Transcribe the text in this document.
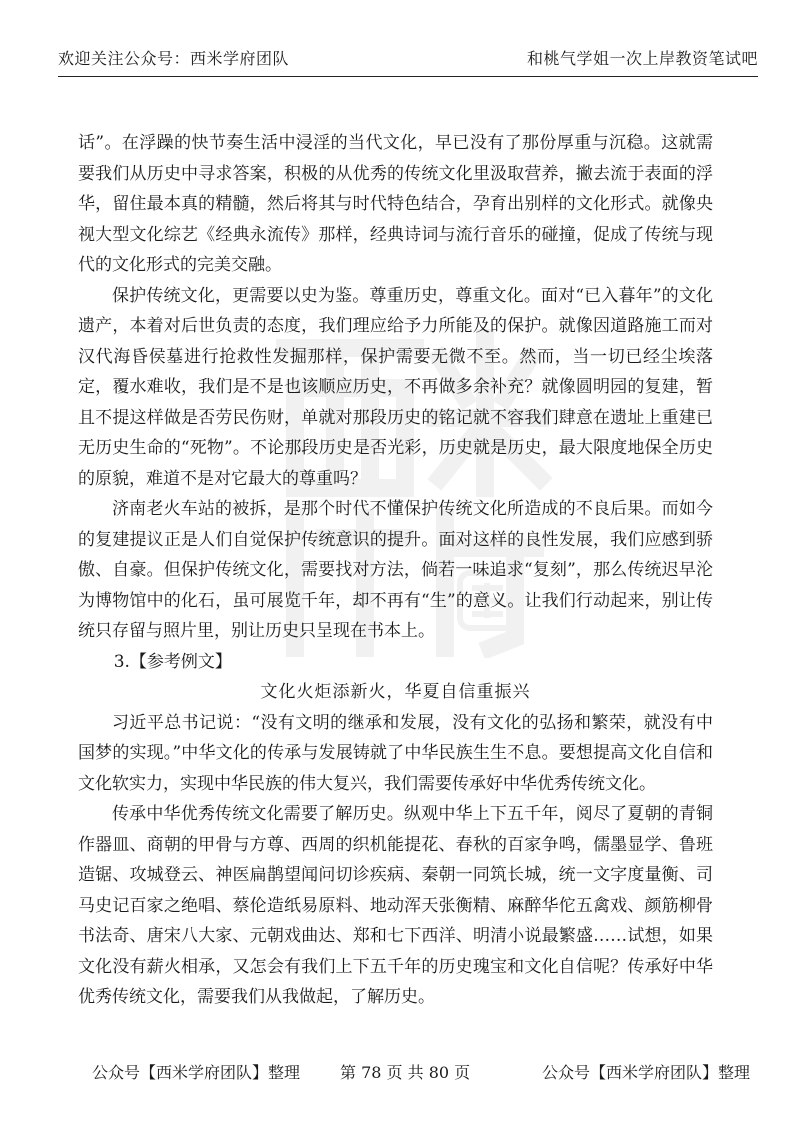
欢迎关注公众号：西米学府团队	和桃气学姐一次上岸教资笔试吧

话”。在浮躁的快节奏生活中浸淫的当代文化，早已没有了那份厚重与沉稳。这就需要我们从历史中寻求答案，积极的从优秀的传统文化里汲取营养，撇去流于表面的浮华，留住最本真的精髓，然后将其与时代特色结合，孕育出别样的文化形式。就像央视大型文化综艺《经典永流传》那样，经典诗词与流行音乐的碰撞，促成了传统与现代的文化形式的完美交融。

保护传统文化，更需要以史为鉴。尊重历史，尊重文化。面对“已入暮年”的文化遗产，本着对后世负责的态度，我们理应给予力所能及的保护。就像因道路施工而对汉代海昏侯墓进行抢救性发掘那样，保护需要无微不至。然而，当一切已经尘埃落定，覆水难收，我们是不是也该顺应历史，不再做多余补充？就像圆明园的复建，暂且不提这样做是否劳民伤财，单就对那段历史的铭记就不容我们肆意在遗址上重建已无历史生命的“死物”。不论那段历史是否光彩，历史就是历史，最大限度地保全历史的原貌，难道不是对它最大的尊重吗？

济南老火车站的被拆，是那个时代不懂保护传统文化所造成的不良后果。而如今的复建提议正是人们自觉保护传统意识的提升。面对这样的良性发展，我们应感到骄傲、自豪。但保护传统文化，需要找对方法，倘若一味追求“复刻”，那么传统迟早沦为博物馆中的化石，虽可展览千年，却不再有“生”的意义。让我们行动起来，别让传统只存留与照片里，别让历史只呈现在书本上。

3.【参考例文】

文化火炬添新火，华夏自信重振兴

习近平总书记说：“没有文明的继承和发展，没有文化的弘扬和繁荣，就没有中国梦的实现。”中华文化的传承与发展铸就了中华民族生生不息。要想提高文化自信和文化软实力，实现中华民族的伟大复兴，我们需要传承好中华优秀传统文化。

传承中华优秀传统文化需要了解历史。纵观中华上下五千年，阅尽了夏朝的青铜作器皿、商朝的甲骨与方尊、西周的织机能提花、春秋的百家争鸣，儒墨显学、鲁班造锯、攻城登云、神医扁鹊望闻问切诊疾病、秦朝一同筑长城，统一文字度量衡、司马史记百家之绝唱、蔡伦造纸易原料、地动浑天张衡精、麻醉华佗五禽戏、颜筋柳骨书法奇、唐宋八大家、元朝戏曲达、郑和七下西洋、明清小说最繁盛……试想，如果文化没有薪火相承，又怎会有我们上下五千年的历史瑰宝和文化自信呢？传承好中华优秀传统文化，需要我们从我做起，了解历史。

公众号【西米学府团队】整理 第 78 页 共 80 页	公众号【西米学府团队】整理
